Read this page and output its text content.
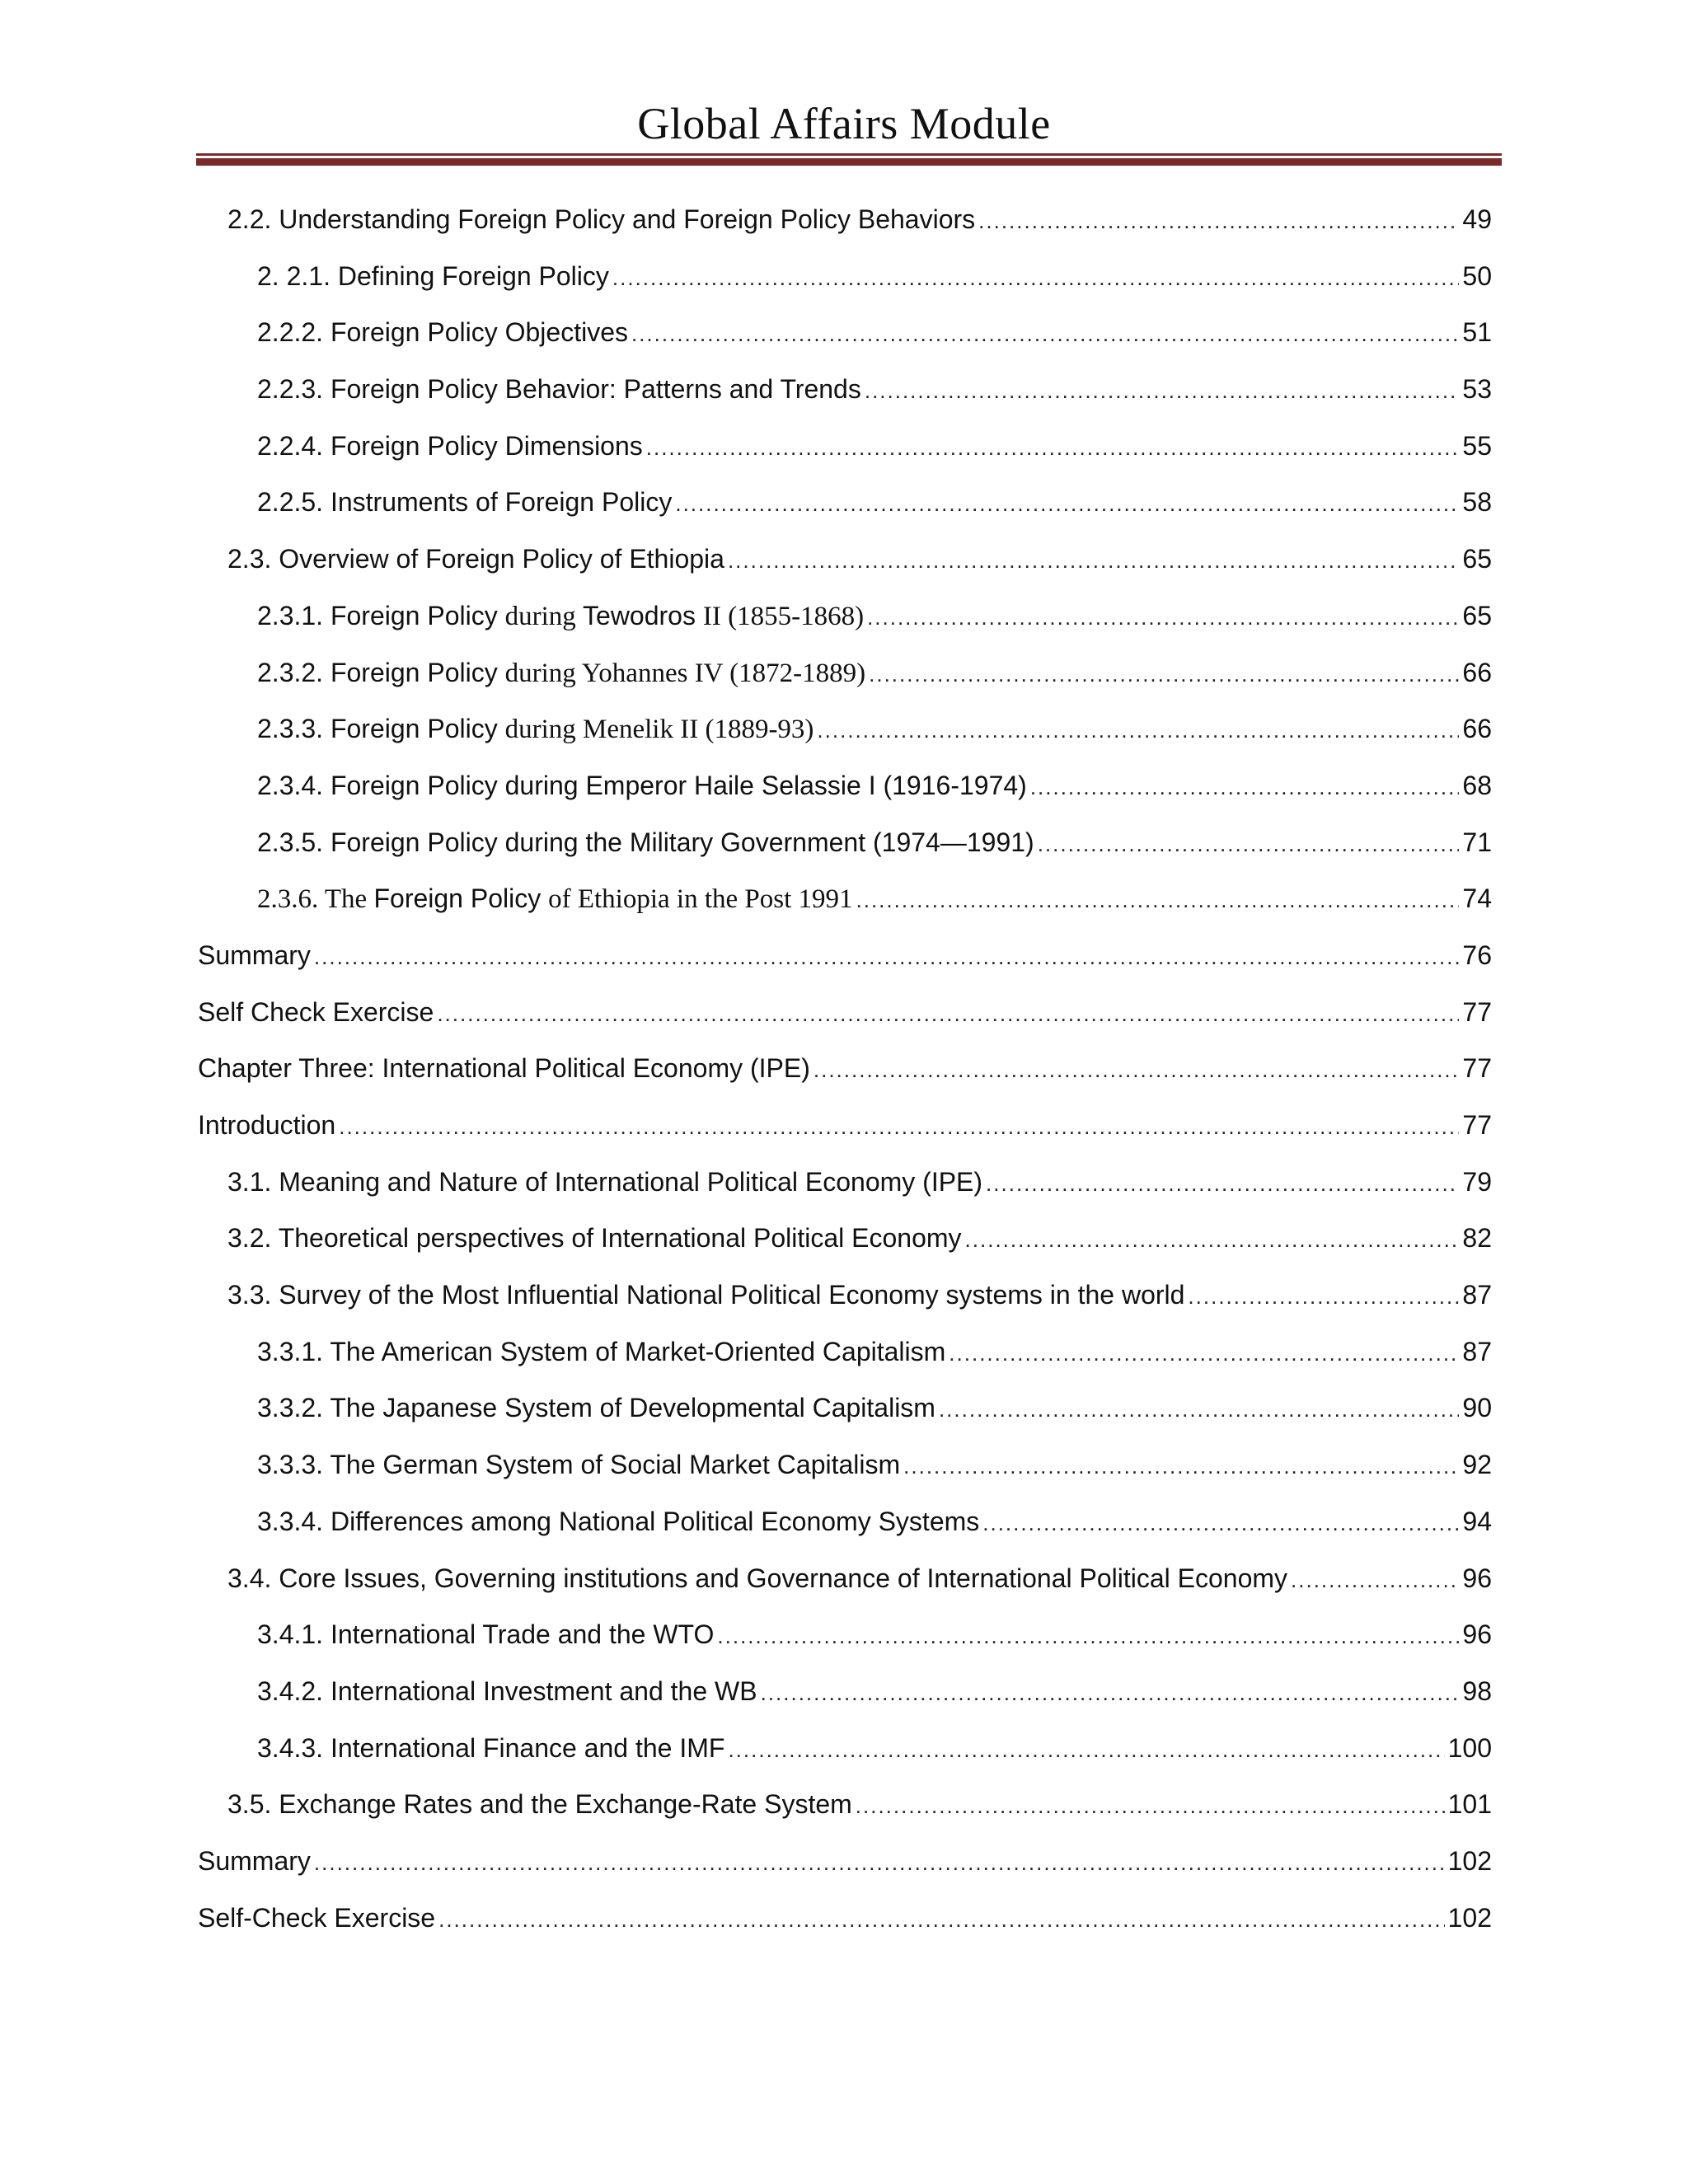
Global Affairs Module
2.2. Understanding Foreign Policy and Foreign Policy Behaviors .....	49
2. 2.1. Defining Foreign Policy .....	50
2.2.2. Foreign Policy Objectives .....	51
2.2.3. Foreign Policy Behavior: Patterns and Trends .....	53
2.2.4. Foreign Policy Dimensions .....	55
2.2.5. Instruments of Foreign Policy .....	58
2.3. Overview of Foreign Policy of Ethiopia .....	65
2.3.1. Foreign Policy during Tewodros II (1855-1868) .....	65
2.3.2. Foreign Policy during Yohannes IV (1872-1889) .....	66
2.3.3. Foreign Policy during Menelik II (1889-93) .....	66
2.3.4. Foreign Policy during Emperor Haile Selassie I (1916-1974) .....	68
2.3.5. Foreign Policy during the Military Government (1974—1991) .....	71
2.3.6. The Foreign Policy of Ethiopia in the Post 1991 .....	74
Summary .....	76
Self Check Exercise .....	77
Chapter Three: International Political Economy (IPE) .....	77
Introduction .....	77
3.1. Meaning and Nature of International Political Economy (IPE) .....	79
3.2. Theoretical perspectives of International Political Economy .....	82
3.3. Survey of the Most Influential National Political Economy systems in the world .....	87
3.3.1. The American System of Market-Oriented Capitalism .....	87
3.3.2. The Japanese System of Developmental Capitalism .....	90
3.3.3. The German System of Social Market Capitalism .....	92
3.3.4. Differences among National Political Economy Systems .....	94
3.4. Core Issues, Governing institutions and Governance of International Political Economy .....	96
3.4.1. International Trade and the WTO .....	96
3.4.2. International Investment and the WB .....	98
3.4.3. International Finance and the IMF .....	100
3.5. Exchange Rates and the Exchange-Rate System .....	101
Summary .....	102
Self-Check Exercise .....	102
